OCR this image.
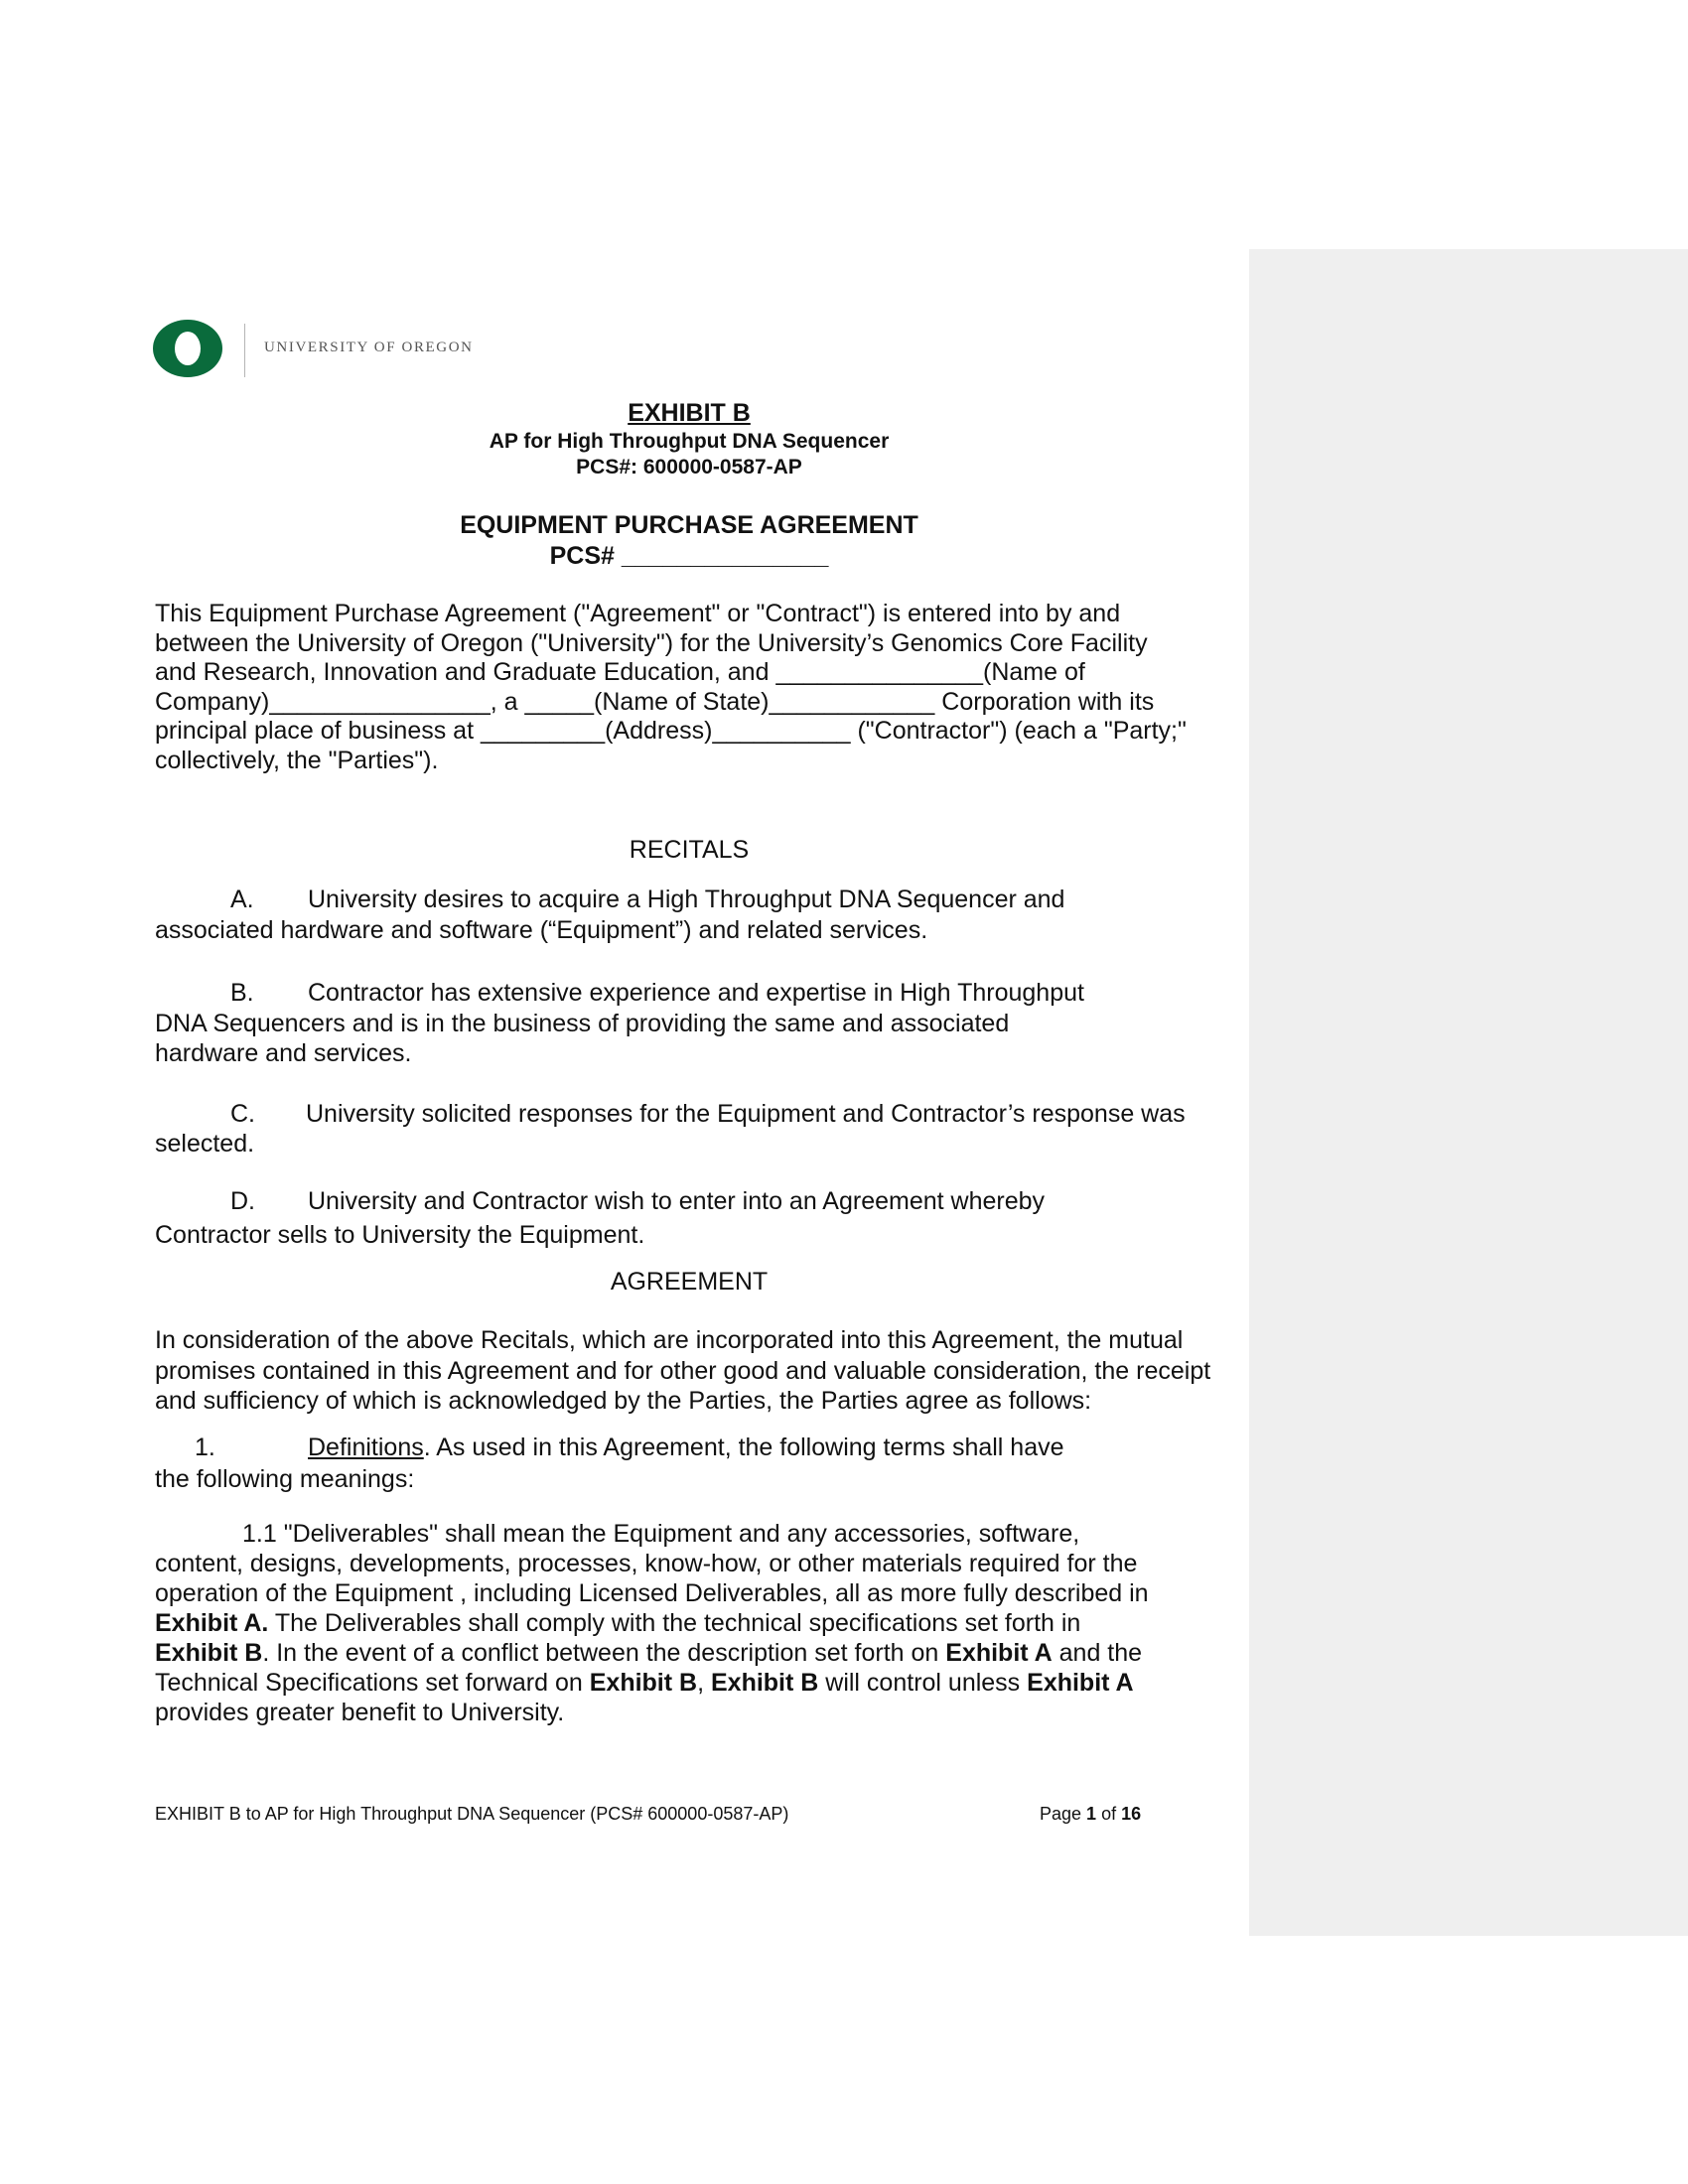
UNIVERSITY OF OREGON
EXHIBIT B
AP for High Throughput DNA Sequencer
PCS#: 600000-0587-AP
EQUIPMENT PURCHASE AGREEMENT
PCS# _______________
This Equipment Purchase Agreement ("Agreement" or "Contract") is entered into by and
between the University of Oregon ("University") for the University’s Genomics Core Facility
and Research, Innovation and Graduate Education, and _______________(Name of
Company)________________, a _____(Name of State)____________ Corporation with its
principal place of business at _________(Address)__________ ("Contractor") (each a "Party;"
collectively, the "Parties").
RECITALS
A. University desires to acquire a High Throughput DNA Sequencer and
associated hardware and software (“Equipment”) and related services.
B. Contractor has extensive experience and expertise in High Throughput
DNA Sequencers and is in the business of providing the same and associated
hardware and services.
C. University solicited responses for the Equipment and Contractor’s response was
selected.
D. University and Contractor wish to enter into an Agreement whereby
Contractor sells to University the Equipment.
AGREEMENT
In consideration of the above Recitals, which are incorporated into this Agreement, the mutual
promises contained in this Agreement and for other good and valuable consideration, the receipt
and sufficiency of which is acknowledged by the Parties, the Parties agree as follows:
1.	Definitions. As used in this Agreement, the following terms shall have
the following meanings:
1.1 "Deliverables" shall mean the Equipment and any accessories, software,
content, designs, developments, processes, know-how, or other materials required for the
operation of the Equipment , including Licensed Deliverables, all as more fully described in
Exhibit A. The Deliverables shall comply with the technical specifications set forth in
Exhibit B. In the event of a conflict between the description set forth on Exhibit A and the
Technical Specifications set forward on Exhibit B, Exhibit B will control unless Exhibit A
provides greater benefit to University.
EXHIBIT B to AP for High Throughput DNA Sequencer (PCS# 600000-0587-AP)	Page 1 of 16
